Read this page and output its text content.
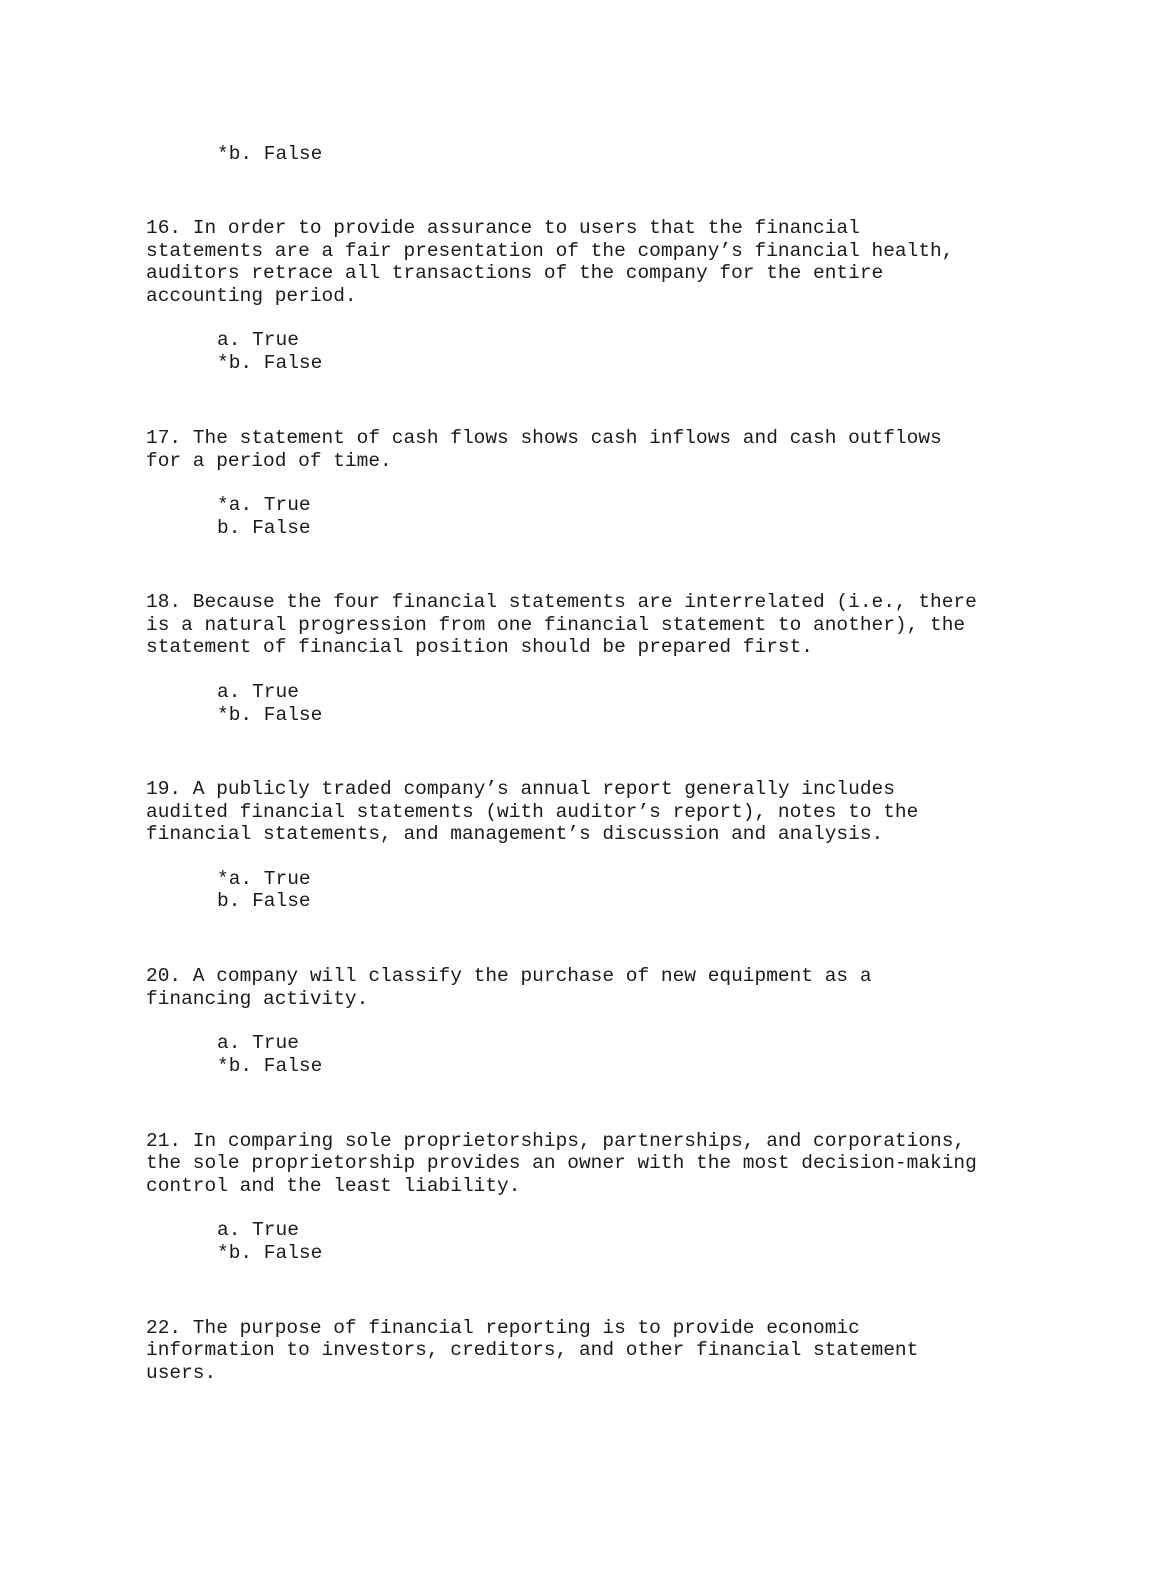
*b. False
16. In order to provide assurance to users that the financial
statements are a fair presentation of the company’s financial health,
auditors retrace all transactions of the company for the entire
accounting period.
a. True
*b. False
17. The statement of cash flows shows cash inflows and cash outflows
for a period of time.
*a. True
b. False
18. Because the four financial statements are interrelated (i.e., there
is a natural progression from one financial statement to another), the
statement of financial position should be prepared first.
a. True
*b. False
19. A publicly traded company’s annual report generally includes
audited financial statements (with auditor’s report), notes to the
financial statements, and management’s discussion and analysis.
*a. True
b. False
20. A company will classify the purchase of new equipment as a
financing activity.
a. True
*b. False
21. In comparing sole proprietorships, partnerships, and corporations,
the sole proprietorship provides an owner with the most decision-making
control and the least liability.
a. True
*b. False
22. The purpose of financial reporting is to provide economic
information to investors, creditors, and other financial statement
users.
